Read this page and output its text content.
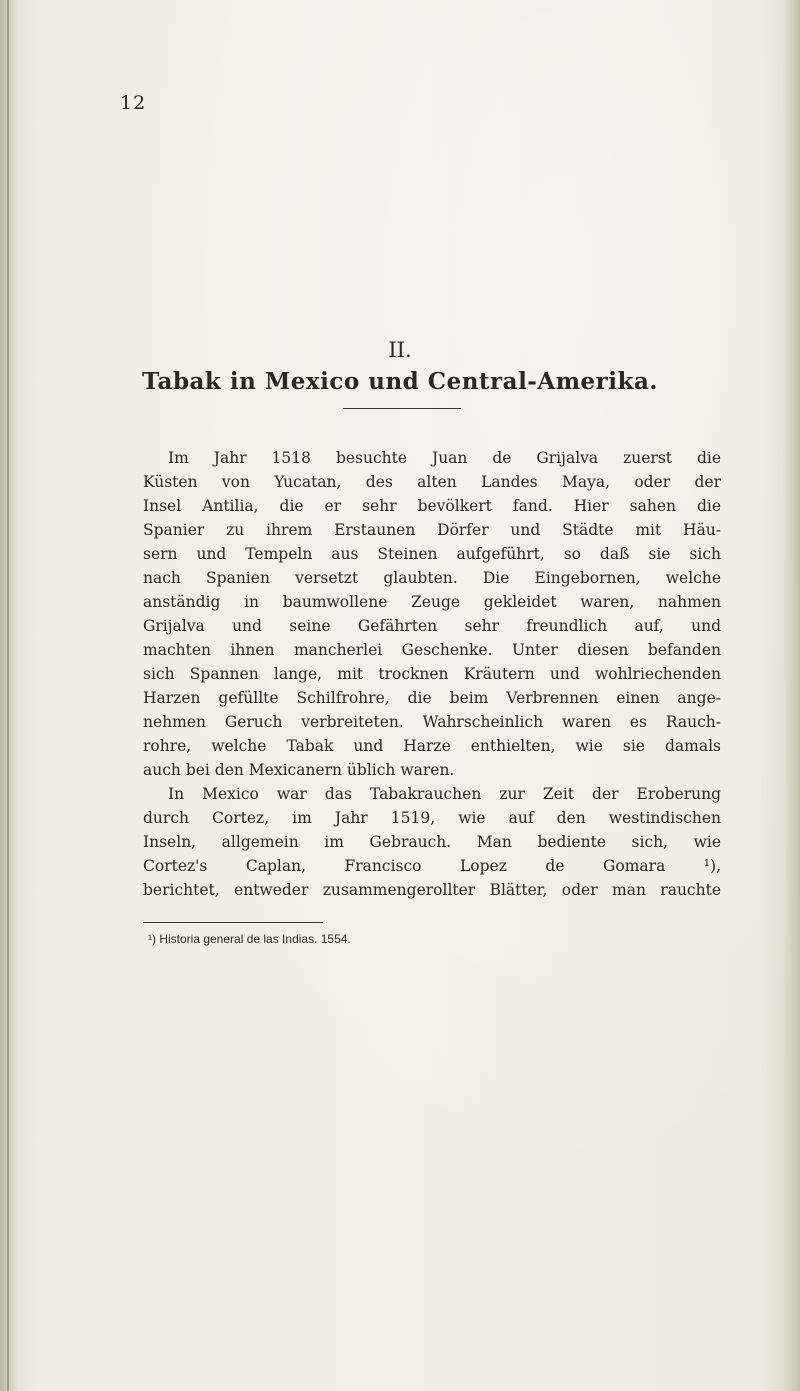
12
II.
Tabak in Mexico und Central-Amerika.
Im Jahr 1518 besuchte Juan de Grijalva zuerst die
Küsten von Yucatan, des alten Landes Maya, oder der
Insel Antilia, die er sehr bevölkert fand. Hier sahen die
Spanier zu ihrem Erstaunen Dörfer und Städte mit Häu-
sern und Tempeln aus Steinen aufgeführt, so daß sie sich
nach Spanien versetzt glaubten. Die Eingebornen, welche
anständig in baumwollene Zeuge gekleidet waren, nahmen
Grijalva und seine Gefährten sehr freundlich auf, und
machten ihnen mancherlei Geschenke. Unter diesen befanden
sich Spannen lange, mit trocknen Kräutern und wohlriechenden
Harzen gefüllte Schilfrohre, die beim Verbrennen einen ange-
nehmen Geruch verbreiteten. Wahrscheinlich waren es Rauch-
rohre, welche Tabak und Harze enthielten, wie sie damals
auch bei den Mexicanern üblich waren.
In Mexico war das Tabakrauchen zur Zeit der Eroberung
durch Cortez, im Jahr 1519, wie auf den westindischen
Inseln, allgemein im Gebrauch. Man bediente sich, wie
Cortez's Caplan, Francisco Lopez de Gomara ¹),
berichtet, entweder zusammengerollter Blätter, oder man rauchte
¹) Historia general de las Indias. 1554.
